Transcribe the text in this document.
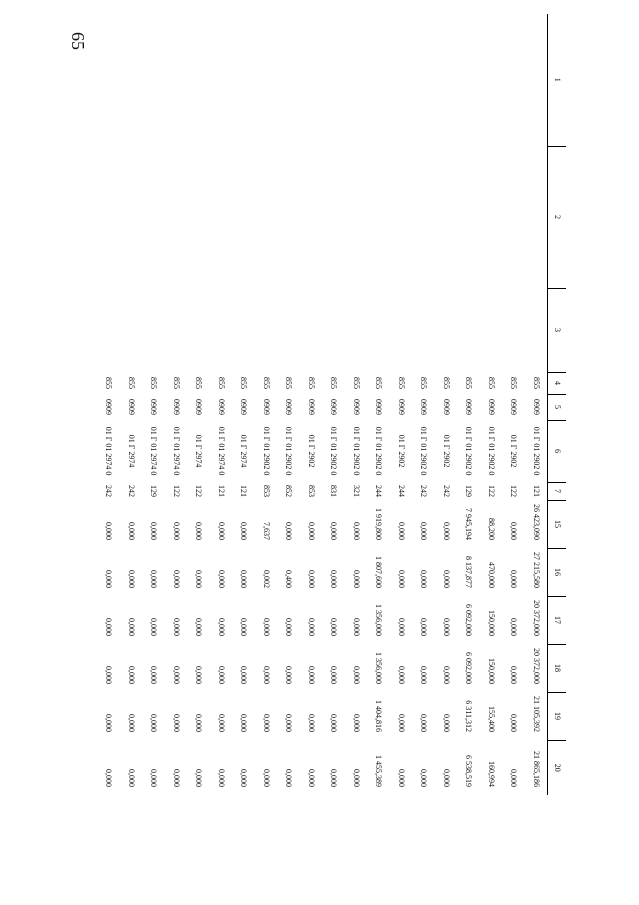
65
1	2	3	4	5	6	7	15	16	17	18	19	20
			855	0909	01 Г 01 2902 0	121	26 423,090	27 215,580	20 372,000	20 372,000	21 105,392	21 865,186
			855	0909	01 Г 2902	122	0,000	0,000	0,000	0,000	0,000	0,000
			855	0909	01 Г 01 2902 0	122	88,200	470,000	150,000	150,000	155,400	160,994
			855	0909	01 Г 01 2902 0	129	7 945,194	8 137,877	6 092,000	6 092,000	6 311,312	6 538,519
			855	0909	01 Г 2902	242	0,000	0,000	0,000	0,000	0,000	0,000
			855	0909	01 Г 01 2902 0	242	0,000	0,000	0,000	0,000	0,000	0,000
			855	0909	01 Г 2902	244	0,000	0,000	0,000	0,000	0,000	0,000
			855	0909	01 Г 01 2902 0	244	1 919,800	1 807,600	1 356,000	1 356,000	1 404,816	1 455,389
			855	0909	01 Г 01 2902 0	321	0,000	0,000	0,000	0,000	0,000	0,000
			855	0909	01 Г 01 2902 0	831	0,000	0,000	0,000	0,000	0,000	0,000
			855	0909	01 Г 2902	853	0,000	0,000	0,000	0,000	0,000	0,000
			855	0909	01 Г 01 2902 0	852	0,000	0,400	0,000	0,000	0,000	0,000
			855	0909	01 Г 01 2902 0	853	7,637	0,002	0,000	0,000	0,000	0,000
			855	0909	01 Г 2974	121	0,000	0,000	0,000	0,000	0,000	0,000
			855	0909	01 Г 01 2974 0	121	0,000	0,000	0,000	0,000	0,000	0,000
			855	0909	01 Г 2974	122	0,000	0,000	0,000	0,000	0,000	0,000
			855	0909	01 Г 01 2974 0	122	0,000	0,000	0,000	0,000	0,000	0,000
			855	0909	01 Г 01 2974 0	129	0,000	0,000	0,000	0,000	0,000	0,000
			855	0909	01 Г 2974	242	0,000	0,000	0,000	0,000	0,000	0,000
			855	0909	01 Г 01 2974 0	242	0,000	0,000	0,000	0,000	0,000	0,000
